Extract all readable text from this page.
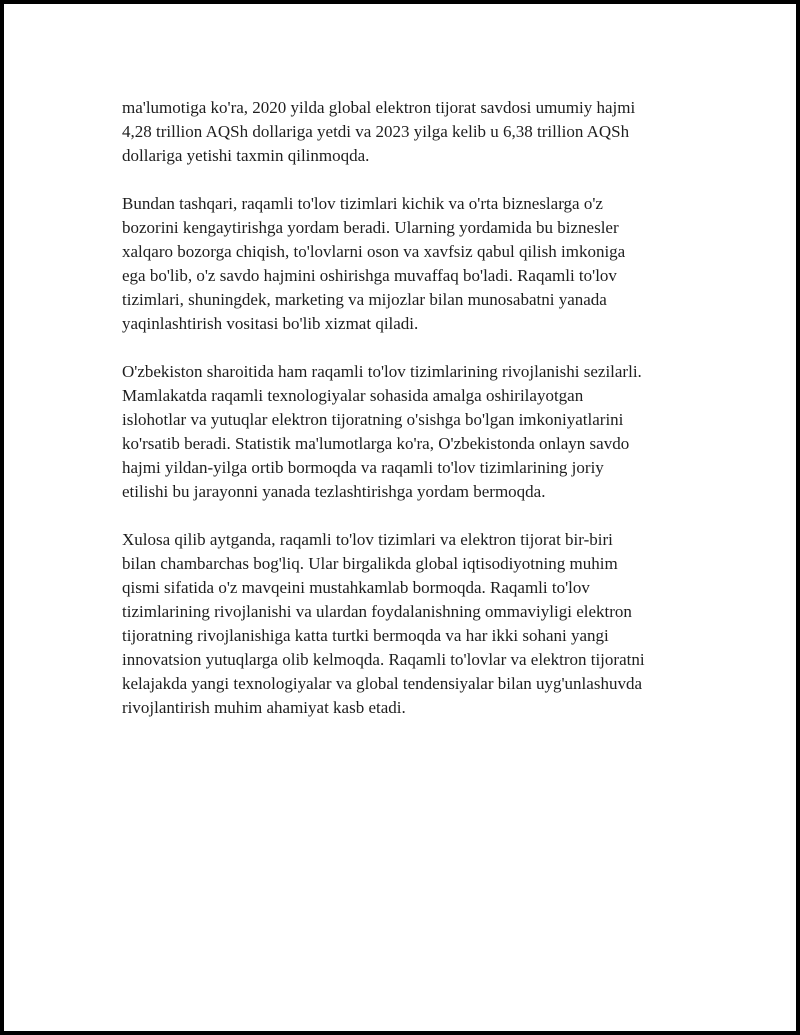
ma'lumotiga ko'ra, 2020 yilda global elektron tijorat savdosi umumiy hajmi
4,28 trillion AQSh dollariga yetdi va 2023 yilga kelib u 6,38 trillion AQSh
dollariga yetishi taxmin qilinmoqda.

Bundan tashqari, raqamli to'lov tizimlari kichik va o'rta bizneslarga o'z
bozorini kengaytirishga yordam beradi. Ularning yordamida bu biznesler
xalqaro bozorga chiqish, to'lovlarni oson va xavfsiz qabul qilish imkoniga
ega bo'lib, o'z savdo hajmini oshirishga muvaffaq bo'ladi. Raqamli to'lov
tizimlari, shuningdek, marketing va mijozlar bilan munosabatni yanada
yaqinlashtirish vositasi bo'lib xizmat qiladi.

O'zbekiston sharoitida ham raqamli to'lov tizimlarining rivojlanishi sezilarli.
Mamlakatda raqamli texnologiyalar sohasida amalga oshirilayotgan
islohotlar va yutuqlar elektron tijoratning o'sishga bo'lgan imkoniyatlarini
ko'rsatib beradi. Statistik ma'lumotlarga ko'ra, O'zbekistonda onlayn savdo
hajmi yildan-yilga ortib bormoqda va raqamli to'lov tizimlarining joriy
etilishi bu jarayonni yanada tezlashtirishga yordam bermoqda.

Xulosa qilib aytganda, raqamli to'lov tizimlari va elektron tijorat bir-biri
bilan chambarchas bog'liq. Ular birgalikda global iqtisodiyotning muhim
qismi sifatida o'z mavqeini mustahkamlab bormoqda. Raqamli to'lov
tizimlarining rivojlanishi va ulardan foydalanishning ommaviyligi elektron
tijoratning rivojlanishiga katta turtki bermoqda va har ikki sohani yangi
innovatsion yutuqlarga olib kelmoqda. Raqamli to'lovlar va elektron tijoratni
kelajakda yangi texnologiyalar va global tendensiyalar bilan uyg'unlashuvda
rivojlantirish muhim ahamiyat kasb etadi.
